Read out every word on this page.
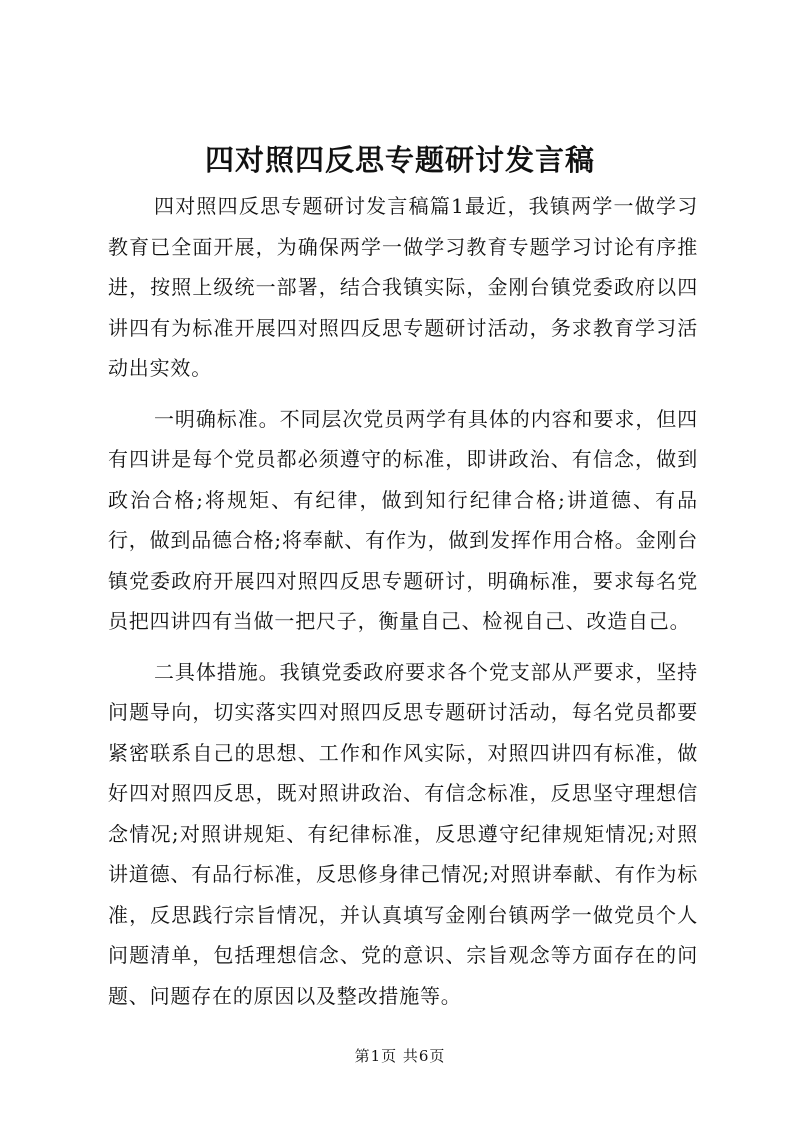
四对照四反思专题研讨发言稿

四对照四反思专题研讨发言稿篇1最近，我镇两学一做学习教育已全面开展，为确保两学一做学习教育专题学习讨论有序推进，按照上级统一部署，结合我镇实际，金刚台镇党委政府以四讲四有为标准开展四对照四反思专题研讨活动，务求教育学习活动出实效。

一明确标准。不同层次党员两学有具体的内容和要求，但四有四讲是每个党员都必须遵守的标准，即讲政治、有信念，做到政治合格;将规矩、有纪律，做到知行纪律合格;讲道德、有品行，做到品德合格;将奉献、有作为，做到发挥作用合格。金刚台镇党委政府开展四对照四反思专题研讨，明确标准，要求每名党员把四讲四有当做一把尺子，衡量自己、检视自己、改造自己。

二具体措施。我镇党委政府要求各个党支部从严要求，坚持问题导向，切实落实四对照四反思专题研讨活动，每名党员都要紧密联系自己的思想、工作和作风实际，对照四讲四有标准，做好四对照四反思，既对照讲政治、有信念标准，反思坚守理想信念情况;对照讲规矩、有纪律标准，反思遵守纪律规矩情况;对照讲道德、有品行标准，反思修身律己情况;对照讲奉献、有作为标准，反思践行宗旨情况，并认真填写金刚台镇两学一做党员个人问题清单，包括理想信念、党的意识、宗旨观念等方面存在的问题、问题存在的原因以及整改措施等。

第1页 共6页
